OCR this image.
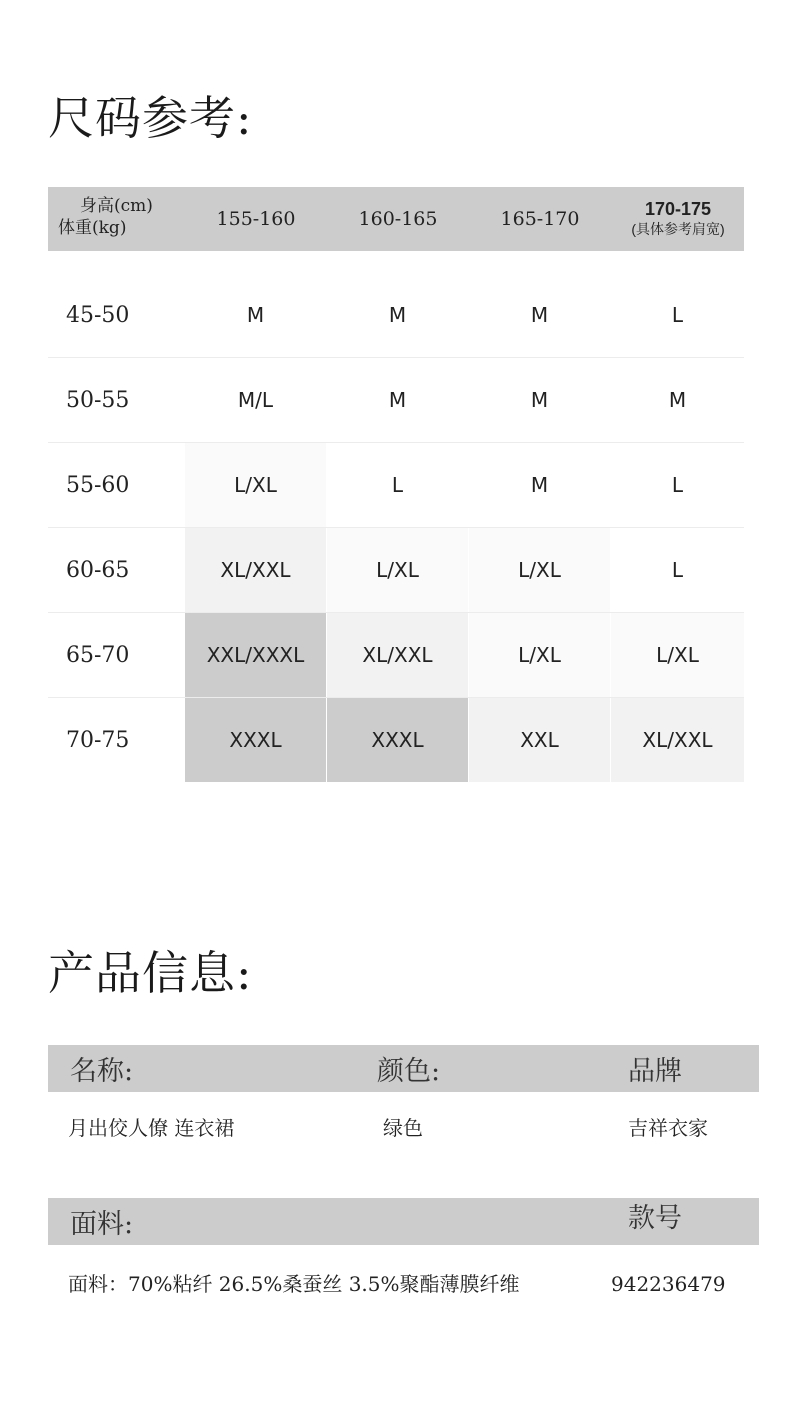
尺码参考:
身高(cm)
体重(kg)	155-160	160-165	165-170	170-175
(具体参考肩宽)
45-50	M	M	M	L
50-55	M/L	M	M	M
55-60	L/XL	L	M	L
60-65	XL/XXL	L/XL	L/XL	L
65-70	XXL/XXXL	XL/XXL	L/XL	L/XL
70-75	XXXL	XXXL	XXL	XL/XXL
产品信息:
名称:	颜色:	品牌
月出佼人僚 连衣裙	绿色	吉祥衣家
面料:	款号
面料：70%粘纤 26.5%桑蚕丝 3.5%聚酯薄膜纤维	942236479
